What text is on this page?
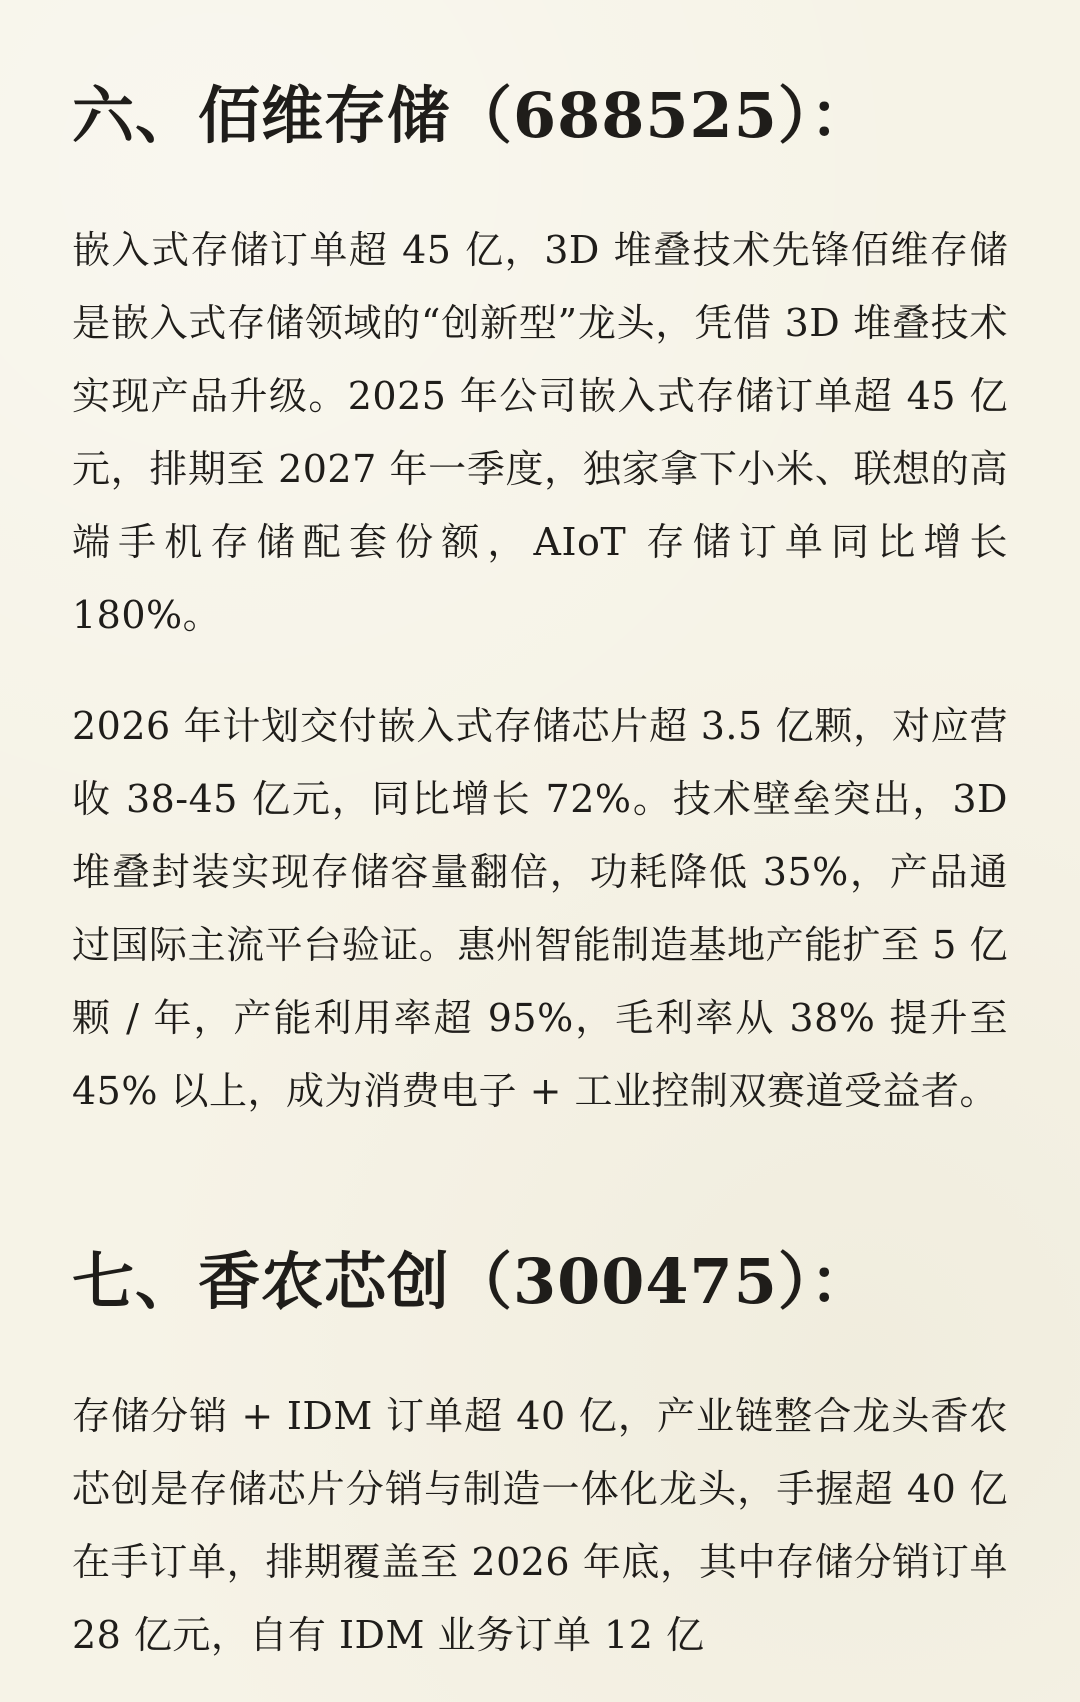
六、佰维存储（688525）：

嵌入式存储订单超 45 亿，3D 堆叠技术先锋佰维存储是嵌入式存储领域的“创新型”龙头，凭借 3D 堆叠技术实现产品升级。2025 年公司嵌入式存储订单超 45 亿元，排期至 2027 年一季度，独家拿下小米、联想的高端手机存储配套份额，AIoT 存储订单同比增长 180%。

2026 年计划交付嵌入式存储芯片超 3.5 亿颗，对应营收 38-45 亿元，同比增长 72%。技术壁垒突出，3D 堆叠封装实现存储容量翻倍，功耗降低 35%，产品通过国际主流平台验证。惠州智能制造基地产能扩至 5 亿颗 / 年，产能利用率超 95%，毛利率从 38% 提升至 45% 以上，成为消费电子 + 工业控制双赛道受益者。

七、香农芯创（300475）：

存储分销 + IDM 订单超 40 亿，产业链整合龙头香农芯创是存储芯片分销与制造一体化龙头，手握超 40 亿在手订单，排期覆盖至 2026 年底，其中存储分销订单 28 亿元，自有 IDM 业务订单 12 亿
